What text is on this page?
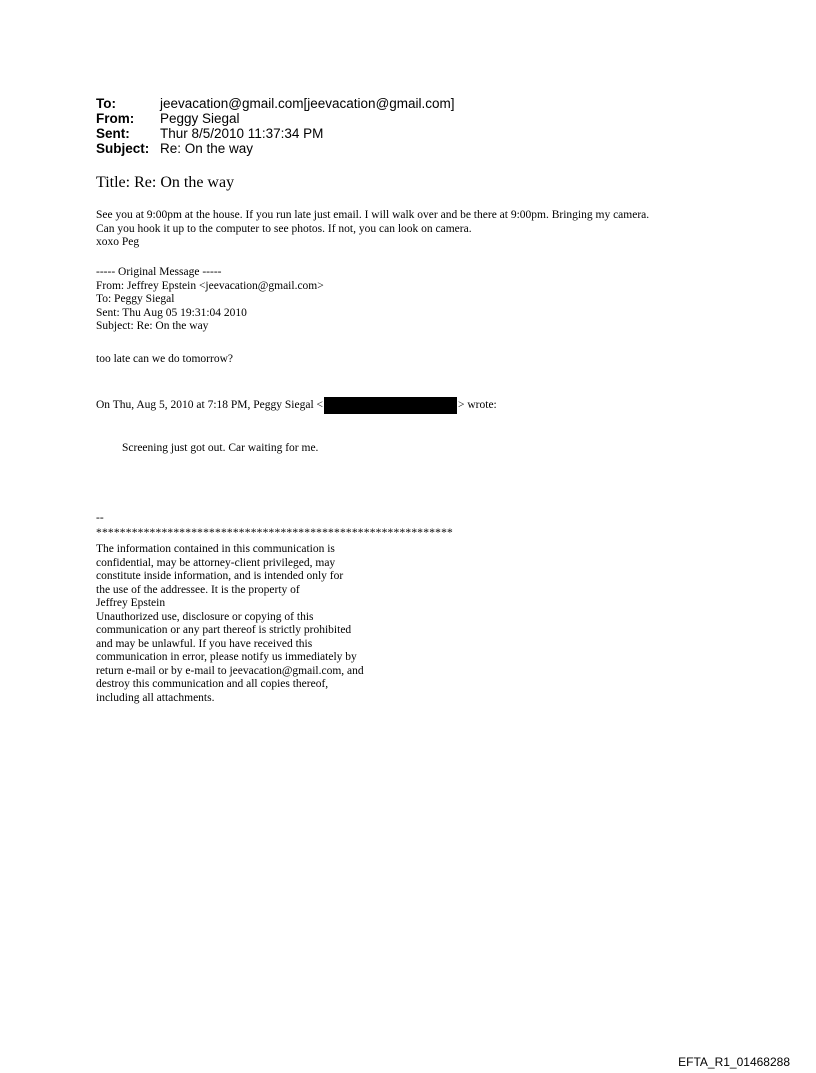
To:	jeevacation@gmail.com[jeevacation@gmail.com]
From:	Peggy Siegal
Sent:	Thur 8/5/2010 11:37:34 PM
Subject: Re: On the way
Title: Re: On the way
See you at 9:00pm at the house. If you run late just email. I will walk over and be there at 9:00pm. Bringing my camera.
Can you hook it up to the computer to see photos. If not, you can look on camera.
xoxo Peg
----- Original Message -----
From: Jeffrey Epstein <jeevacation@gmail.com>
To: Peggy Siegal
Sent: Thu Aug 05 19:31:04 2010
Subject: Re: On the way
too late can we do tomorrow?
On Thu, Aug 5, 2010 at 7:18 PM, Peggy Siegal <	> wrote:
Screening just got out. Car waiting for me.
--
************************************************************
The information contained in this communication is
confidential, may be attorney-client privileged, may
constitute inside information, and is intended only for
the use of the addressee. It is the property of
Jeffrey Epstein
Unauthorized use, disclosure or copying of this
communication or any part thereof is strictly prohibited
and may be unlawful. If you have received this
communication in error, please notify us immediately by
return e-mail or by e-mail to jeevacation@gmail.com, and
destroy this communication and all copies thereof,
including all attachments.
EFTA_R1_01468288
